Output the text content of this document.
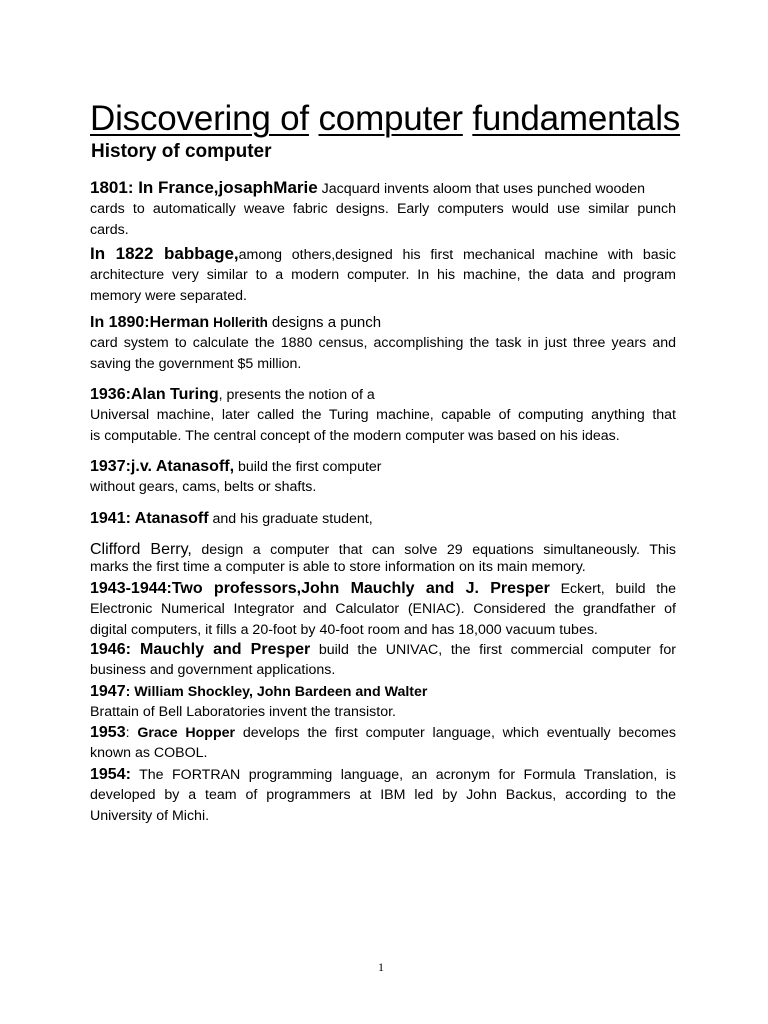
Discovering of computer fundamentals
History of computer
1801: In France,josaphMarie Jacquard invents aloom that uses punched wooden
cards to automatically weave fabric designs. Early computers would use similar punch
cards.
In 1822 babbage,among others,designed his first mechanical machine with basic
architecture very similar to a modern computer. In his machine, the data and program
memory were separated.
In 1890:Herman Hollerith designs a punch
card system to calculate the 1880 census, accomplishing the task in just three years and
saving the government $5 million.
1936:Alan Turing, presents the notion of a
Universal machine, later called the Turing machine, capable of computing anything that
is computable. The central concept of the modern computer was based on his ideas.
1937:j.v. Atanasoff, build the first computer
without gears, cams, belts or shafts.
1941: Atanasoff and his graduate student,
Clifford Berry, design a computer that can solve 29 equations simultaneously. This
marks the first time a computer is able to store information on its main memory.
1943-1944:Two professors,John Mauchly and J. Presper Eckert, build the
Electronic Numerical Integrator and Calculator (ENIAC). Considered the grandfather of
digital computers, it fills a 20-foot by 40-foot room and has 18,000 vacuum tubes.
1946: Mauchly and Presper build the UNIVAC, the first commercial computer for
business and government applications.
1947: William Shockley, John Bardeen and Walter
Brattain of Bell Laboratories invent the transistor.
1953: Grace Hopper develops the first computer language, which eventually becomes
known as COBOL.
1954: The FORTRAN programming language, an acronym for Formula Translation, is
developed by a team of programmers at IBM led by John Backus, according to the
University of Michi.
1
